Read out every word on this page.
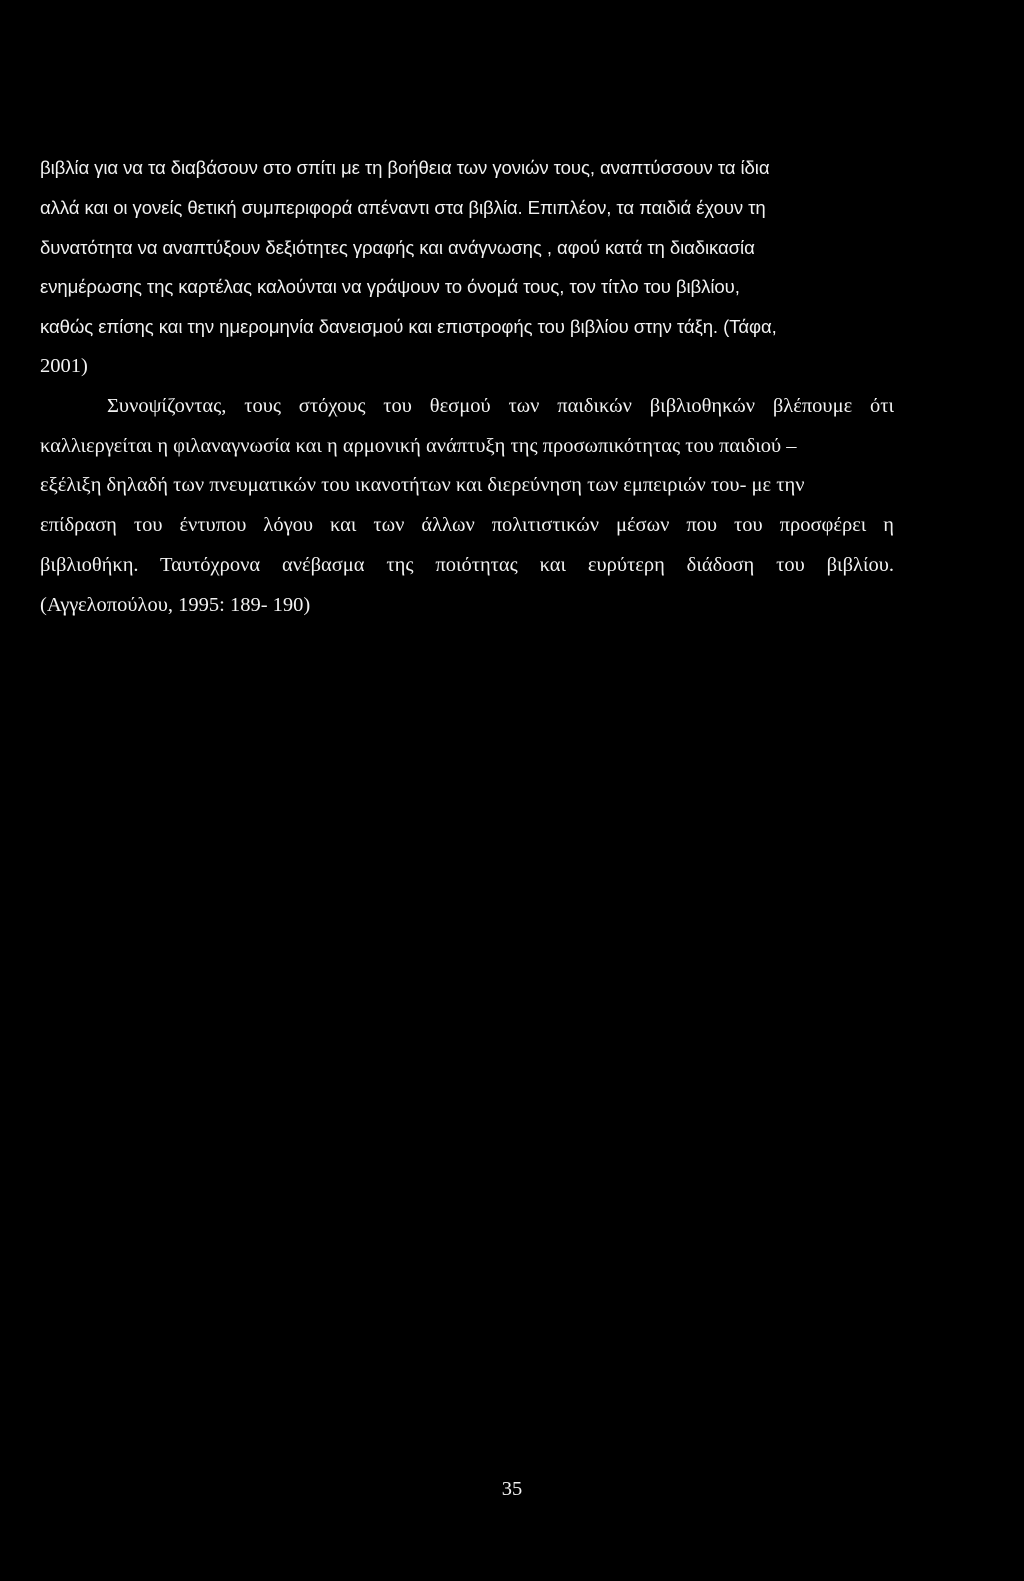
βιβλία για να τα διαβάσουν στο σπίτι με τη βοήθεια των γονιών τους, αναπτύσσουν τα ίδια
αλλά και οι γονείς θετική συμπεριφορά απέναντι στα βιβλία. Επιπλέον, τα παιδιά έχουν τη
δυνατότητα να αναπτύξουν δεξιότητες γραφής και ανάγνωσης , αφού κατά τη διαδικασία
ενημέρωσης της καρτέλας καλούνται να γράψουν το όνομά τους, τον τίτλο του βιβλίου,
καθώς επίσης και την ημερομηνία δανεισμού και επιστροφής του βιβλίου στην τάξη. (Τάφα,
2001)
Συνοψίζοντας, τους στόχους του θεσμού των παιδικών βιβλιοθηκών βλέπουμε ότι
καλλιεργείται η φιλαναγνωσία και η αρμονική ανάπτυξη της προσωπικότητας του παιδιού –
εξέλιξη δηλαδή των πνευματικών του ικανοτήτων και διερεύνηση των εμπειριών του- με την
επίδραση του έντυπου λόγου και των άλλων πολιτιστικών μέσων που του προσφέρει η
βιβλιοθήκη. Ταυτόχρονα ανέβασμα της ποιότητας και ευρύτερη διάδοση του βιβλίου.
(Αγγελοπούλου, 1995: 189- 190)
35
